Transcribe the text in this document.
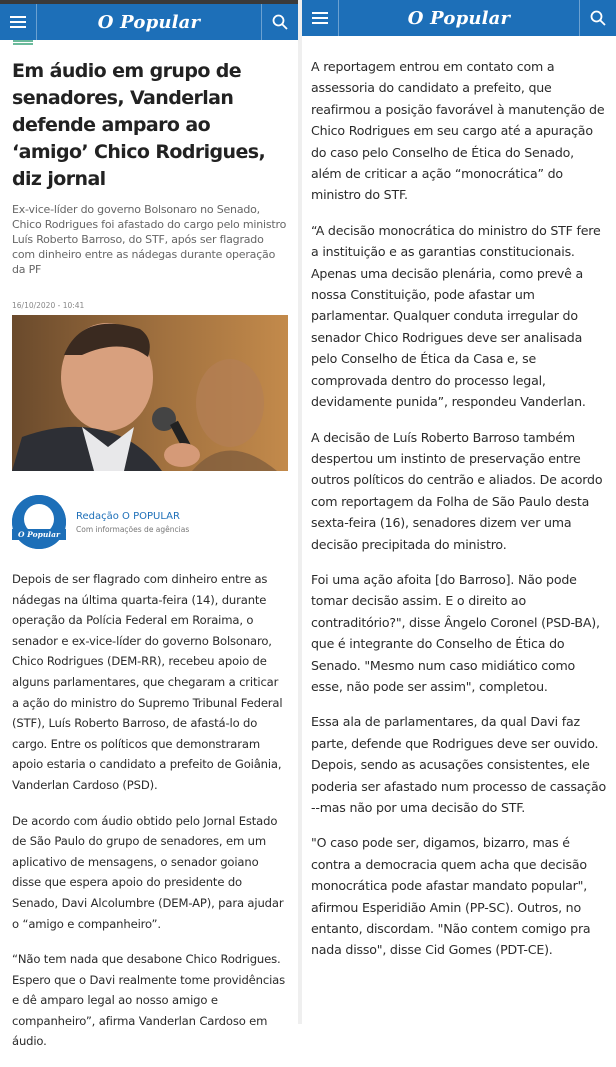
O Popular
Em áudio em grupo de senadores, Vanderlan defende amparo ao ‘amigo’ Chico Rodrigues, diz jornal
Ex-vice-líder do governo Bolsonaro no Senado, Chico Rodrigues foi afastado do cargo pelo ministro Luís Roberto Barroso, do STF, após ser flagrado com dinheiro entre as nádegas durante operação da PF
16/10/2020 - 10:41
O Popular
Redação O POPULAR
Com informações de agências

Depois de ser flagrado com dinheiro entre as nádegas na última quarta-feira (14), durante operação da Polícia Federal em Roraima, o senador e ex-vice-líder do governo Bolsonaro, Chico Rodrigues (DEM-RR), recebeu apoio de alguns parlamentares, que chegaram a criticar a ação do ministro do Supremo Tribunal Federal (STF), Luís Roberto Barroso, de afastá-lo do cargo. Entre os políticos que demonstraram apoio estaria o candidato a prefeito de Goiânia, Vanderlan Cardoso (PSD).

De acordo com áudio obtido pelo Jornal Estado de São Paulo do grupo de senadores, em um aplicativo de mensagens, o senador goiano disse que espera apoio do presidente do Senado, Davi Alcolumbre (DEM-AP), para ajudar o “amigo e companheiro”.

“Não tem nada que desabone Chico Rodrigues. Espero que o Davi realmente tome providências e dê amparo legal ao nosso amigo e companheiro”, afirma Vanderlan Cardoso em áudio.

O Popular

A reportagem entrou em contato com a assessoria do candidato a prefeito, que reafirmou a posição favorável à manutenção de Chico Rodrigues em seu cargo até a apuração do caso pelo Conselho de Ética do Senado, além de criticar a ação “monocrática” do ministro do STF.

“A decisão monocrática do ministro do STF fere a instituição e as garantias constitucionais. Apenas uma decisão plenária, como prevê a nossa Constituição, pode afastar um parlamentar. Qualquer conduta irregular do senador Chico Rodrigues deve ser analisada pelo Conselho de Ética da Casa e, se comprovada dentro do processo legal, devidamente punida”, respondeu Vanderlan.

A decisão de Luís Roberto Barroso também despertou um instinto de preservação entre outros políticos do centrão e aliados. De acordo com reportagem da Folha de São Paulo desta sexta-feira (16), senadores dizem ver uma decisão precipitada do ministro.

Foi uma ação afoita [do Barroso]. Não pode tomar decisão assim. E o direito ao contraditório?", disse Ângelo Coronel (PSD-BA), que é integrante do Conselho de Ética do Senado. "Mesmo num caso midiático como esse, não pode ser assim", completou.

Essa ala de parlamentares, da qual Davi faz parte, defende que Rodrigues deve ser ouvido. Depois, sendo as acusações consistentes, ele poderia ser afastado num processo de cassação --mas não por uma decisão do STF.

"O caso pode ser, digamos, bizarro, mas é contra a democracia quem acha que decisão monocrática pode afastar mandato popular", afirmou Esperidião Amin (PP-SC). Outros, no entanto, discordam. "Não contem comigo pra nada disso", disse Cid Gomes (PDT-CE).
